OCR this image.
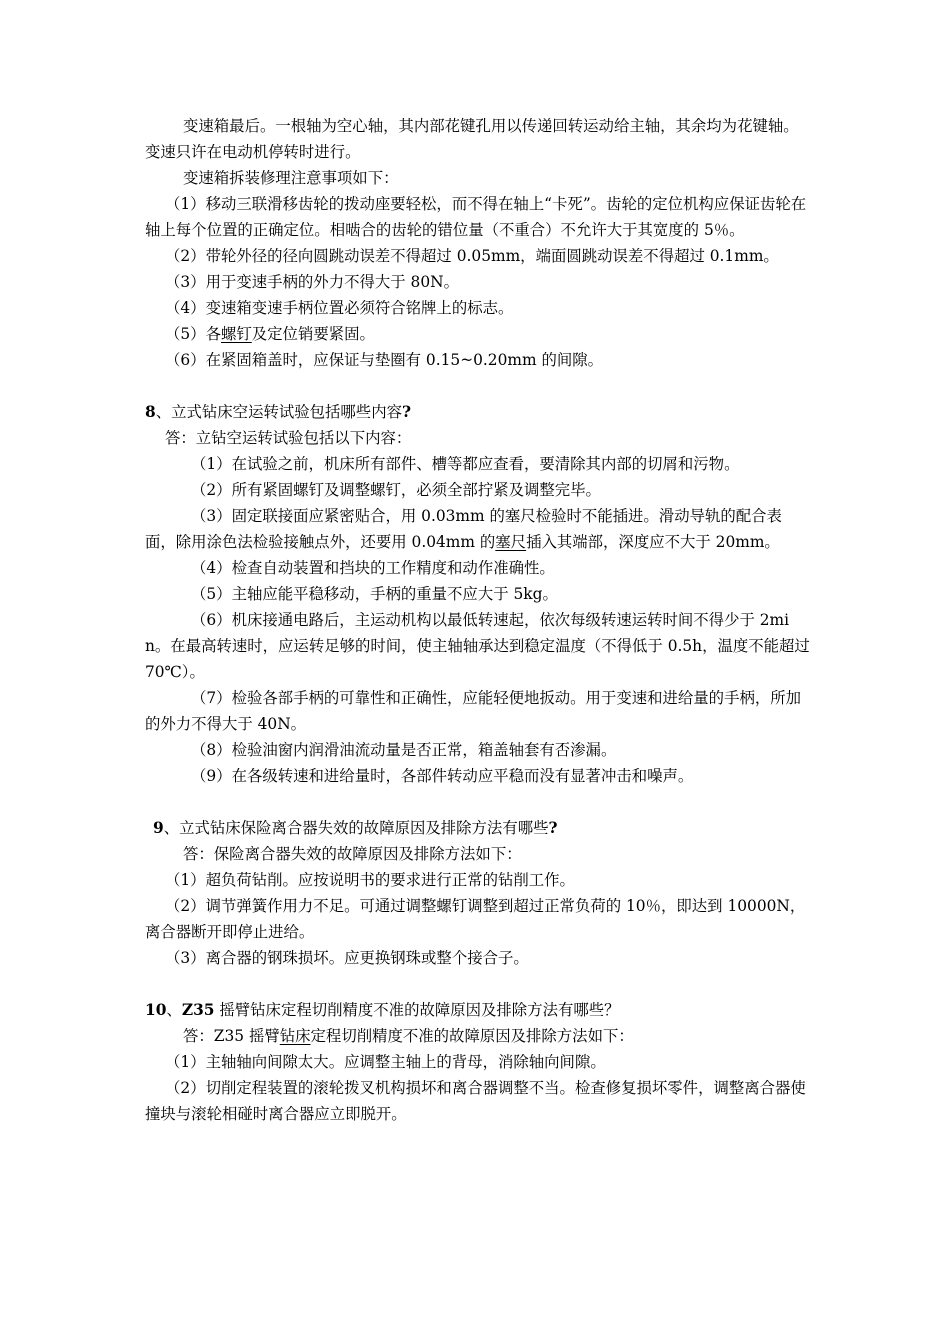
变速箱最后。一根轴为空心轴，其内部花键孔用以传递回转运动给主轴，其余均为花键轴。变速只许在电动机停转时进行。

变速箱拆装修理注意事项如下：

（1）移动三联滑移齿轮的拨动座要轻松，而不得在轴上“卡死”。齿轮的定位机构应保证齿轮在轴上每个位置的正确定位。相啮合的齿轮的错位量（不重合）不允许大于其宽度的 5％。

（2）带轮外径的径向圆跳动误差不得超过 0.05mm，端面圆跳动误差不得超过 0.1mm。

（3）用于变速手柄的外力不得大于 80N。

（4）变速箱变速手柄位置必须符合铭牌上的标志。

（5）各螺钉及定位销要紧固。

（6）在紧固箱盖时，应保证与垫圈有 0.15~0.20mm 的间隙。

8、立式钻床空运转试验包括哪些内容?

答：立钻空运转试验包括以下内容：

（1）在试验之前，机床所有部件、槽等都应查看，要清除其内部的切屑和污物。

（2）所有紧固螺钉及调整螺钉，必须全部拧紧及调整完毕。

（3）固定联接面应紧密贴合，用 0.03mm 的塞尺检验时不能插进。滑动导轨的配合表面，除用涂色法检验接触点外，还要用 0.04mm 的塞尺插入其端部，深度应不大于 20mm。

（4）检查自动装置和挡块的工作精度和动作准确性。

（5）主轴应能平稳移动，手柄的重量不应大于 5kg。

（6）机床接通电路后，主运动机构以最低转速起，依次每级转速运转时间不得少于 2min。在最高转速时，应运转足够的时间，使主轴轴承达到稳定温度（不得低于 0.5h，温度不能超过 70℃）。

（7）检验各部手柄的可靠性和正确性，应能轻便地扳动。用于变速和进给量的手柄，所加的外力不得大于 40N。

（8）检验油窗内润滑油流动量是否正常，箱盖轴套有否渗漏。

（9）在各级转速和进给量时，各部件转动应平稳而没有显著冲击和噪声。

9、立式钻床保险离合器失效的故障原因及排除方法有哪些?

答：保险离合器失效的故障原因及排除方法如下：

（1）超负荷钻削。应按说明书的要求进行正常的钻削工作。

（2）调节弹簧作用力不足。可通过调整螺钉调整到超过正常负荷的 10％，即达到 10000N，离合器断开即停止进给。

（3）离合器的钢珠损坏。应更换钢珠或整个接合子。

10、Z35 摇臂钻床定程切削精度不准的故障原因及排除方法有哪些？

答：Z35 摇臂钻床定程切削精度不准的故障原因及排除方法如下：

（1）主轴轴向间隙太大。应调整主轴上的背母，消除轴向间隙。

（2）切削定程装置的滚轮拨叉机构损坏和离合器调整不当。检查修复损坏零件，调整离合器使撞块与滚轮相碰时离合器应立即脱开。
